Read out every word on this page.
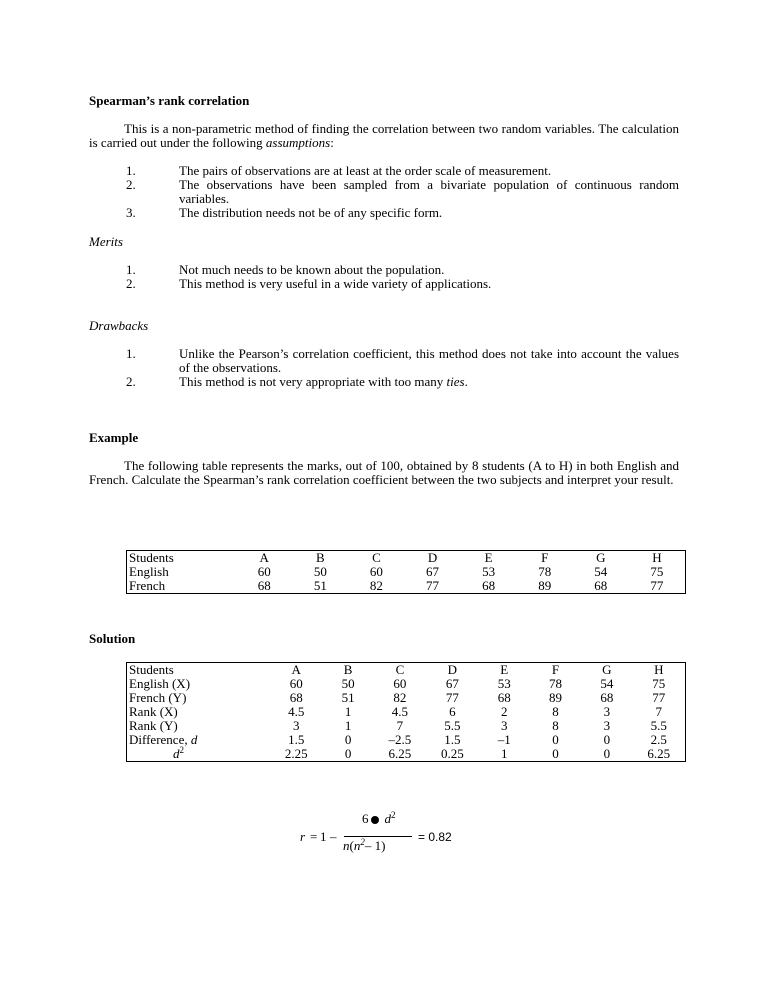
Spearman’s rank correlation
This is a non-parametric method of finding the correlation between two random variables. The calculation is carried out under the following assumptions:
1.	The pairs of observations are at least at the order scale of measurement.
2.	The observations have been sampled from a bivariate population of continuous random variables.
3.	The distribution needs not be of any specific form.
Merits
1.	Not much needs to be known about the population.
2.	This method is very useful in a wide variety of applications.
Drawbacks
1.	Unlike the Pearson’s correlation coefficient, this method does not take into account the values of the observations.
2.	This method is not very appropriate with too many ties.
Example
The following table represents the marks, out of 100, obtained by 8 students (A to H) in both English and French. Calculate the Spearman’s rank correlation coefficient between the two subjects and interpret your result.
Students	A	B	C	D	E	F	G	H
English	60	50	60	67	53	78	54	75
French	68	51	82	77	68	89	68	77
Solution
Students	A	B	C	D	E	F	G	H
English (X)	60	50	60	67	53	78	54	75
French (Y)	68	51	82	77	68	89	68	77
Rank (X)	4.5	1	4.5	6	2	8	3	7
Rank (Y)	3	1	7	5.5	3	8	3	5.5
Difference, d	1.5	0	–2.5	1.5	–1	0	0	2.5
$d^2$	2.25	0	6.25	0.25	1	0	0	6.25
r = 1 –
6 $d^2$
$n(n^2-$ 1)
= 0.82
